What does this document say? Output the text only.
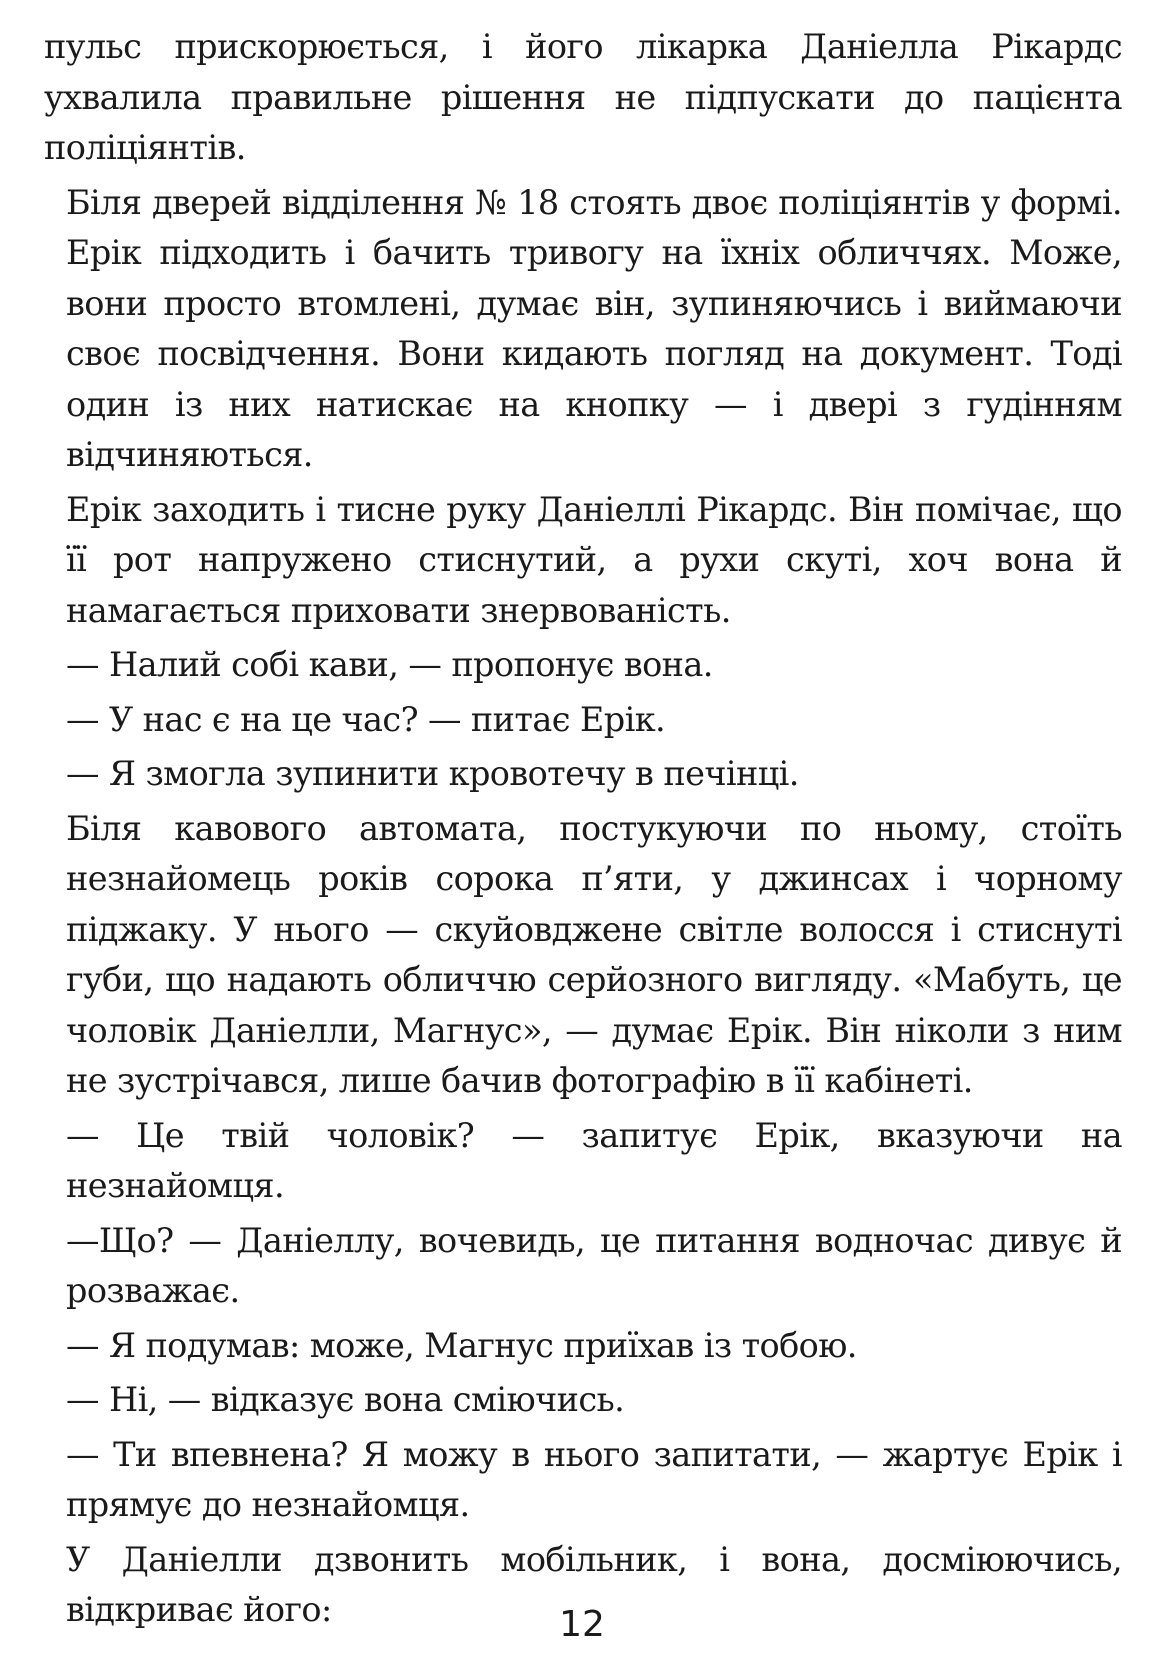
пульс прискорюється, і його лікарка Даніелла Рікардс ухвалила правильне рішення не підпускати до пацієнта поліціянтів.

Біля дверей відділення № 18 стоять двоє поліціянтів у формі. Ерік підходить і бачить тривогу на їхніх обличчях. Може, вони просто втомлені, думає він, зупиняючись і виймаючи своє посвідчення. Вони кидають погляд на документ. Тоді один із них натискає на кнопку — і двері з гудінням відчиняються.

Ерік заходить і тисне руку Даніеллі Рікардс. Він помічає, що її рот напружено стиснутий, а рухи скуті, хоч вона й намагається приховати знервованість.

— Налий собі кави, — пропонує вона.

— У нас є на це час? — питає Ерік.

— Я змогла зупинити кровотечу в печінці.

Біля кавового автомата, постукуючи по ньому, стоїть незнайомець років сорока п’яти, у джинсах і чорному піджаку. У нього — скуйовджене світле волосся і стиснуті губи, що надають обличчю серйозного вигляду. «Мабуть, це чоловік Даніелли, Магнус», — думає Ерік. Він ніколи з ним не зустрічався, лише бачив фотографію в її кабінеті.

— Це твій чоловік? — запитує Ерік, вказуючи на незнайомця.

—Що? — Даніеллу, вочевидь, це питання водночас дивує й розважає.

— Я подумав: може, Магнус приїхав із тобою.

— Ні, — відказує вона сміючись.

— Ти впевнена? Я можу в нього запитати, — жартує Ерік і прямує до незнайомця.

У Даніелли дзвонить мобільник, і вона, досміюючись, відкриває його:	12
